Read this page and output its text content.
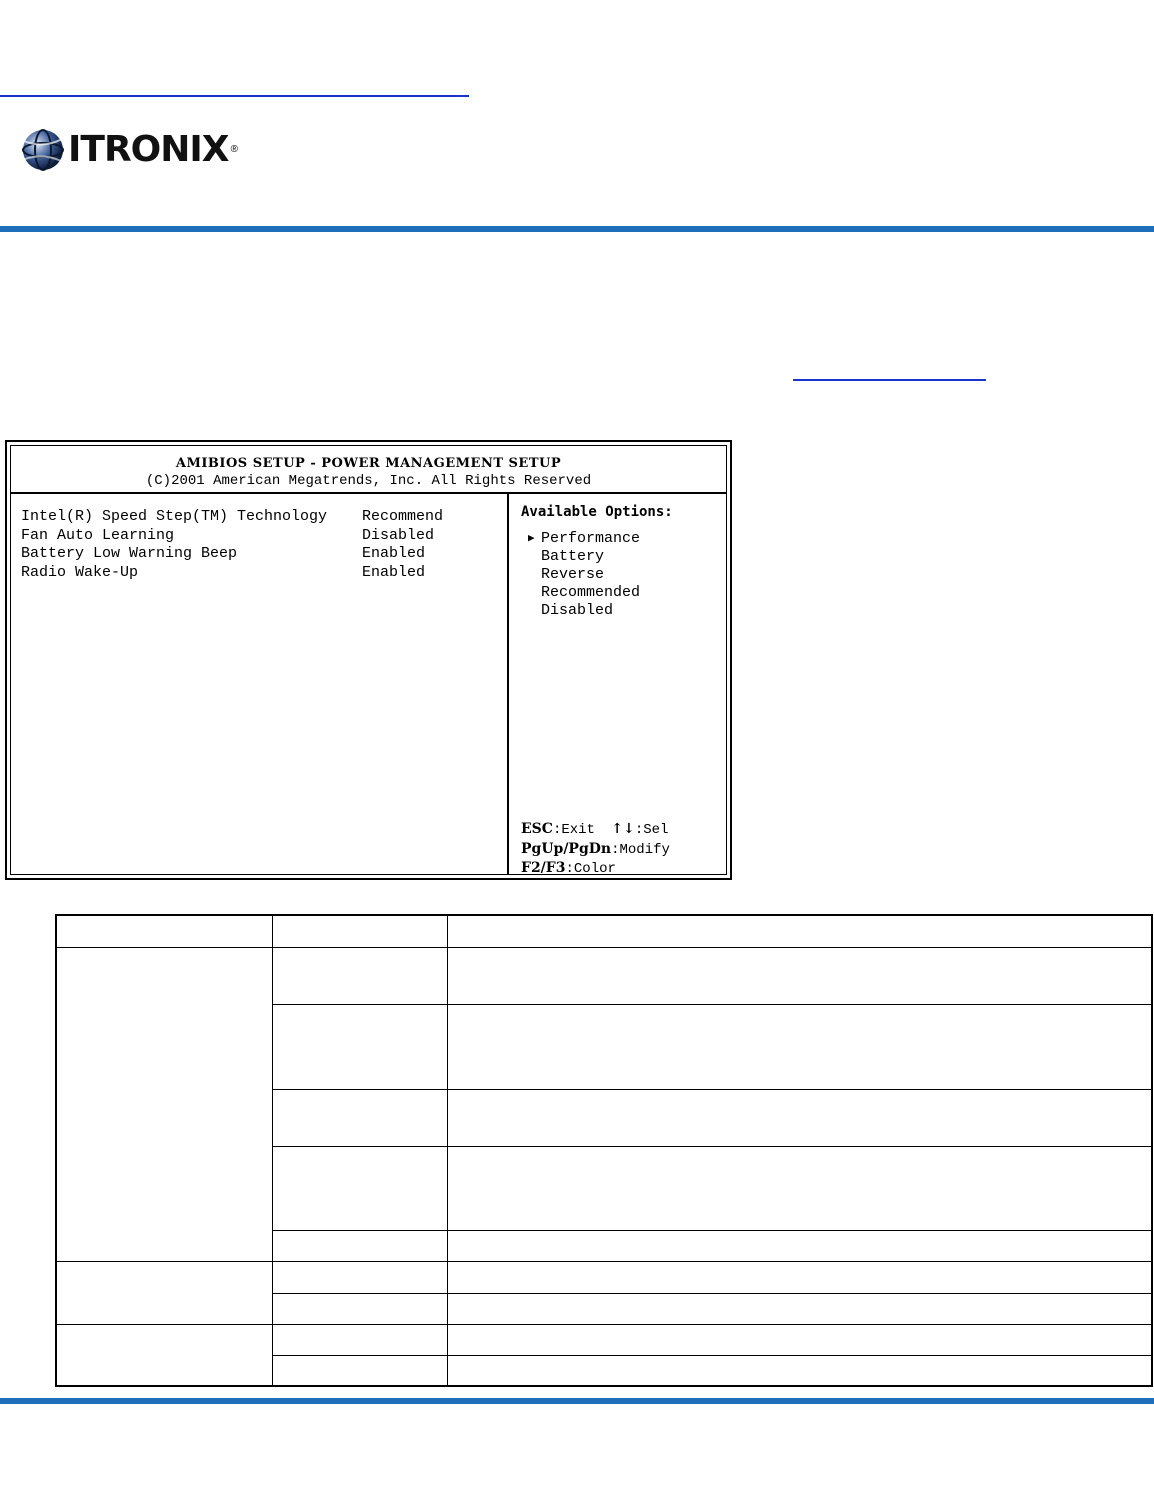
ITRONIX ®
AMIBIOS SETUP - POWER MANAGEMENT SETUP
(C)2001 American Megatrends, Inc. All Rights Reserved
Intel(R) Speed Step(TM) Technology Recommend
Fan Auto Learning	Disabled
Battery Low Warning Beep	Enabled
Radio Wake-Up	Enabled
Available Options:
▶ Performance
Battery
Reverse
Recommended
Disabled
ESC:Exit ↑↓:Sel
PgUp/PgDn:Modify
F2/F3:Color
